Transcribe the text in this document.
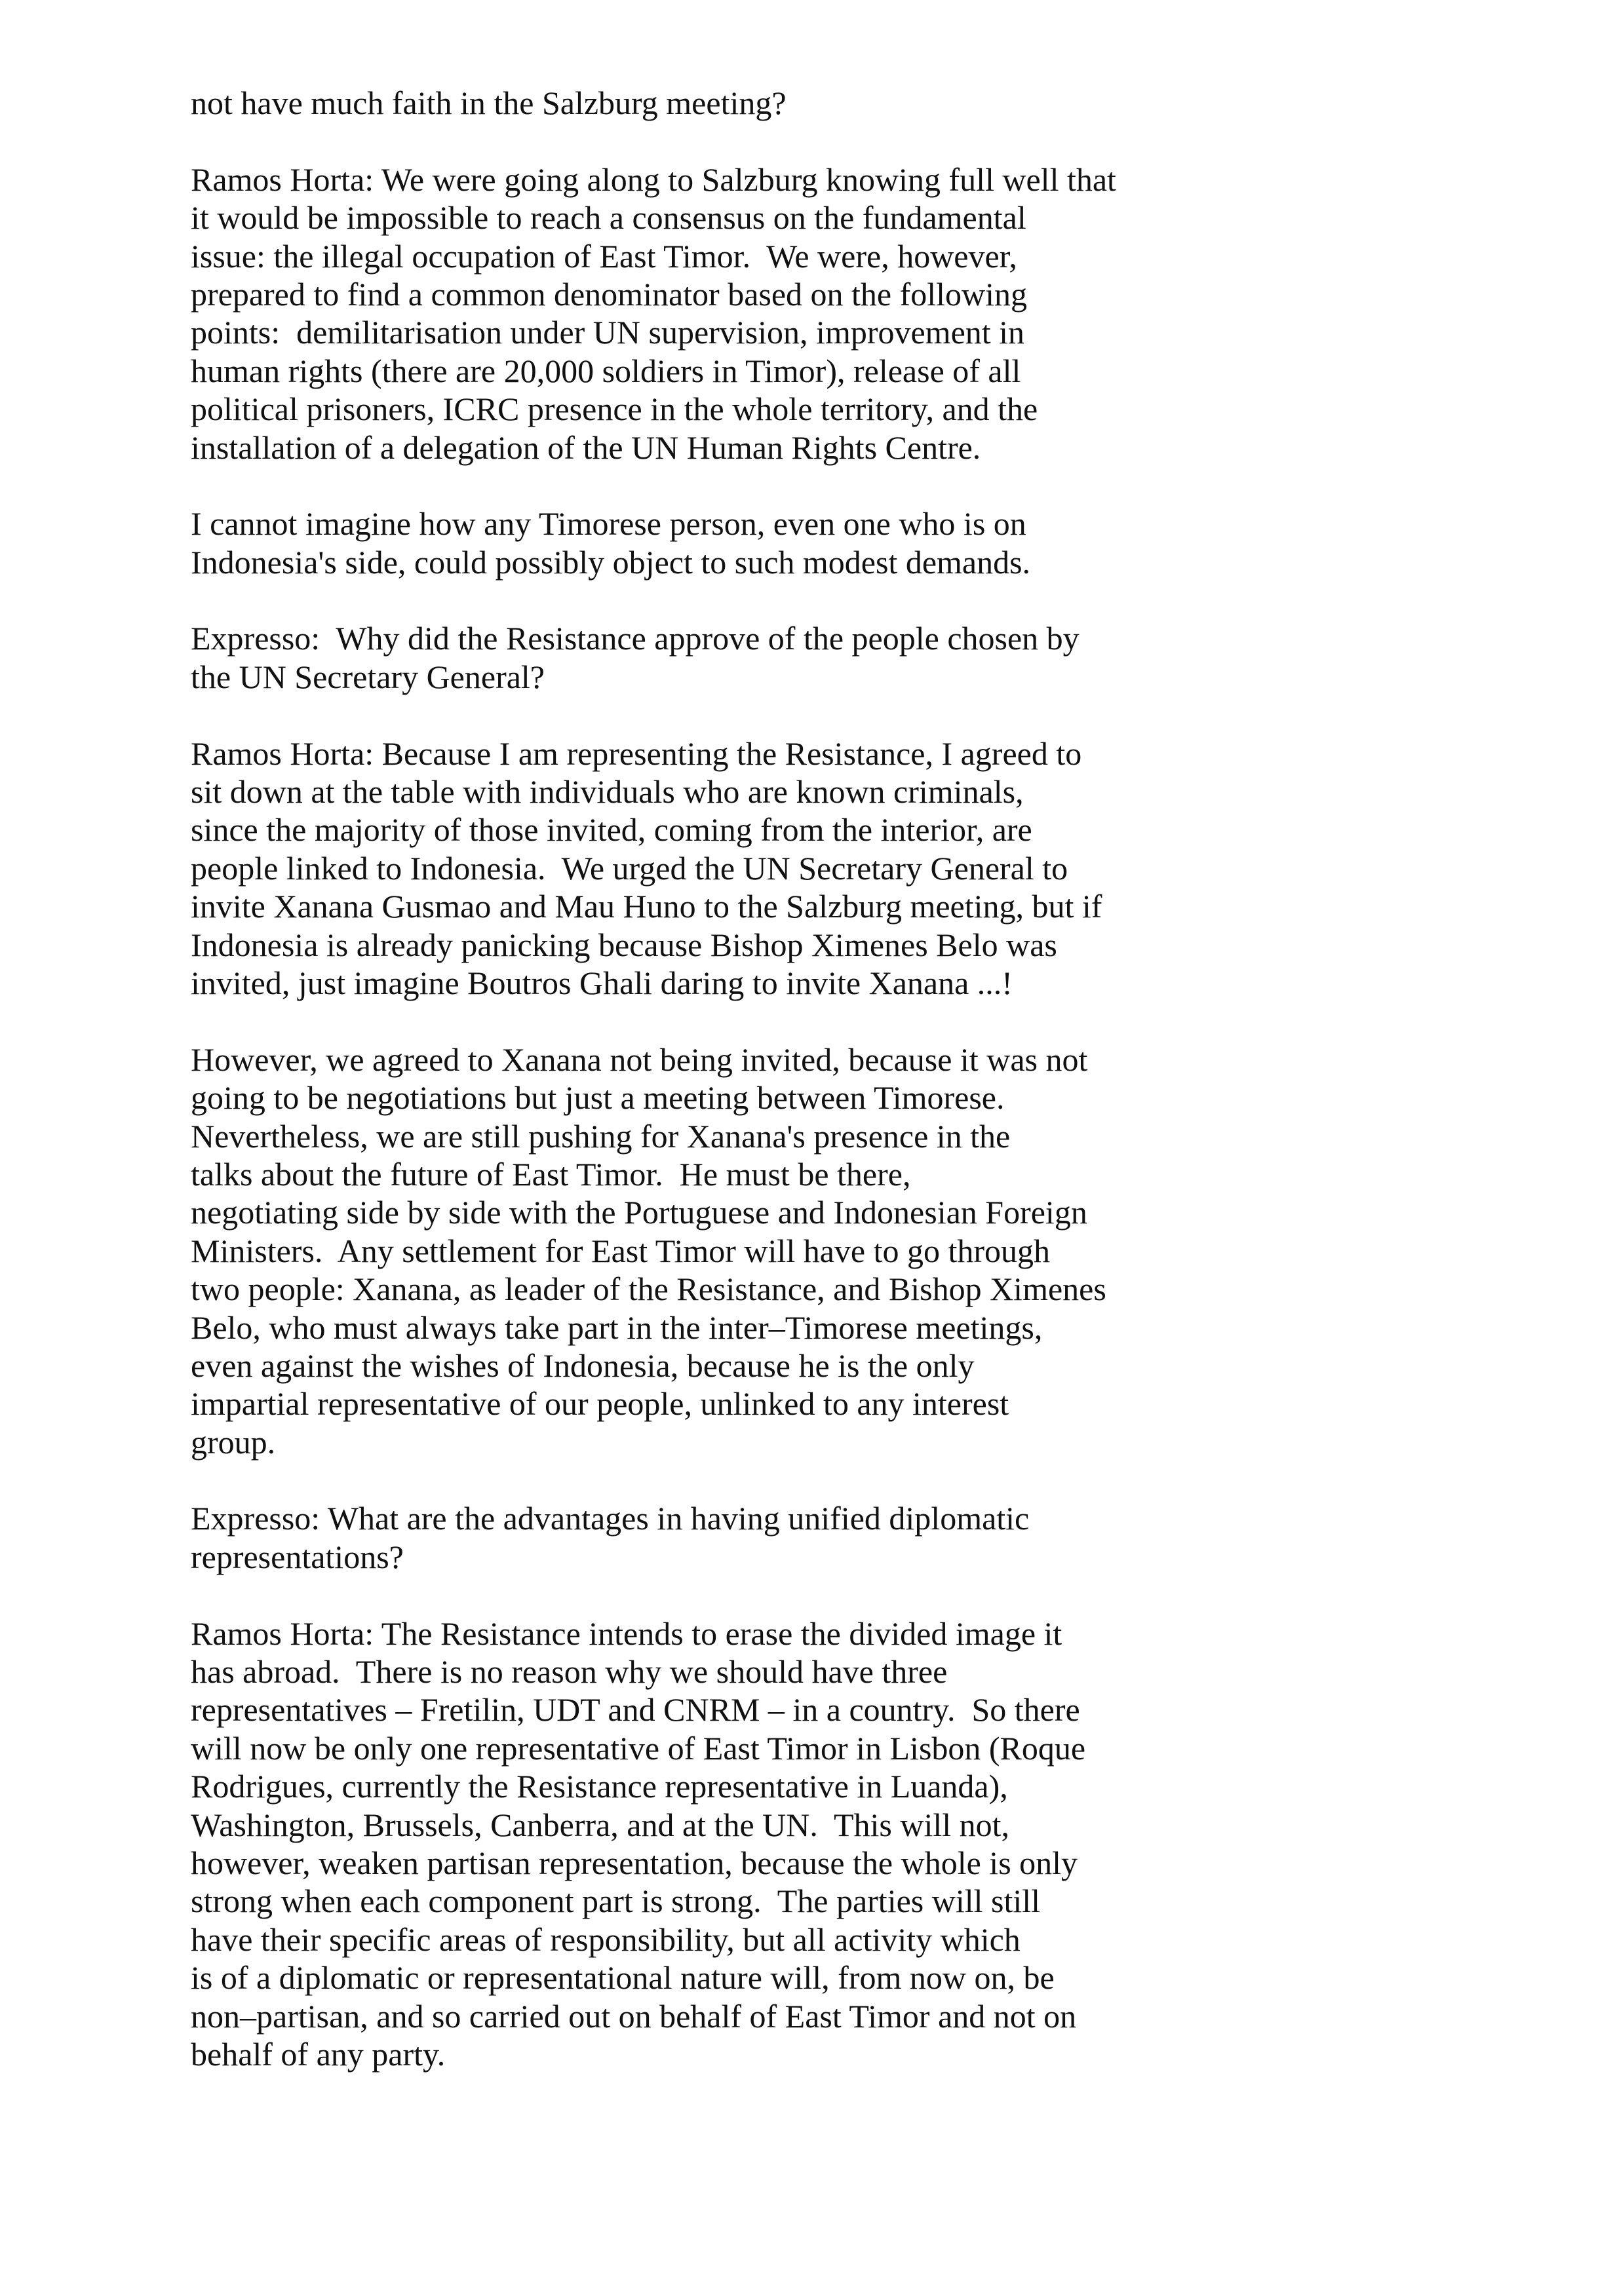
not have much faith in the Salzburg meeting?
Ramos Horta: We were going along to Salzburg knowing full well that
it would be impossible to reach a consensus on the fundamental
issue: the illegal occupation of East Timor.  We were, however,
prepared to find a common denominator based on the following
points:  demilitarisation under UN supervision, improvement in
human rights (there are 20,000 soldiers in Timor), release of all
political prisoners, ICRC presence in the whole territory, and the
installation of a delegation of the UN Human Rights Centre.
I cannot imagine how any Timorese person, even one who is on
Indonesia's side, could possibly object to such modest demands.
Expresso:  Why did the Resistance approve of the people chosen by
the UN Secretary General?
Ramos Horta: Because I am representing the Resistance, I agreed to
sit down at the table with individuals who are known criminals,
since the majority of those invited, coming from the interior, are
people linked to Indonesia.  We urged the UN Secretary General to
invite Xanana Gusmao and Mau Huno to the Salzburg meeting, but if
Indonesia is already panicking because Bishop Ximenes Belo was
invited, just imagine Boutros Ghali daring to invite Xanana ...!
However, we agreed to Xanana not being invited, because it was not
going to be negotiations but just a meeting between Timorese.
Nevertheless, we are still pushing for Xanana's presence in the
talks about the future of East Timor.  He must be there,
negotiating side by side with the Portuguese and Indonesian Foreign
Ministers.  Any settlement for East Timor will have to go through
two people: Xanana, as leader of the Resistance, and Bishop Ximenes
Belo, who must always take part in the inter–Timorese meetings,
even against the wishes of Indonesia, because he is the only
impartial representative of our people, unlinked to any interest
group.
Expresso: What are the advantages in having unified diplomatic
representations?
Ramos Horta: The Resistance intends to erase the divided image it
has abroad.  There is no reason why we should have three
representatives – Fretilin, UDT and CNRM – in a country.  So there
will now be only one representative of East Timor in Lisbon (Roque
Rodrigues, currently the Resistance representative in Luanda),
Washington, Brussels, Canberra, and at the UN.  This will not,
however, weaken partisan representation, because the whole is only
strong when each component part is strong.  The parties will still
have their specific areas of responsibility, but all activity which
is of a diplomatic or representational nature will, from now on, be
non–partisan, and so carried out on behalf of East Timor and not on
behalf of any party.
